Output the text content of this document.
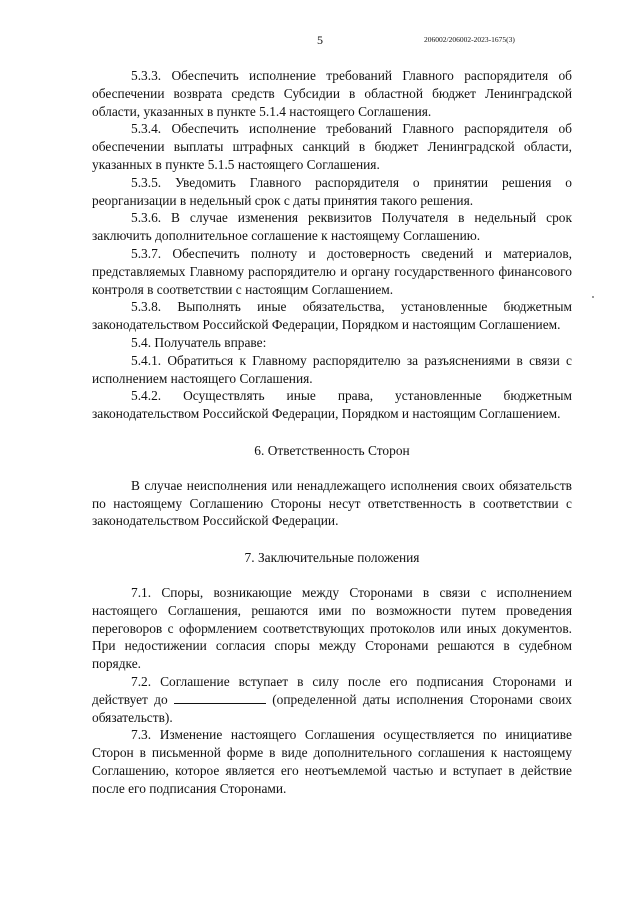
5	206002/206002-2023-1675(3)

5.3.3. Обеспечить исполнение требований Главного распорядителя об обеспечении возврата средств Субсидии в областной бюджет Ленинградской области, указанных в пункте 5.1.4 настоящего Соглашения.

5.3.4. Обеспечить исполнение требований Главного распорядителя об обеспечении выплаты штрафных санкций в бюджет Ленинградской области, указанных в пункте 5.1.5 настоящего Соглашения.

5.3.5. Уведомить Главного распорядителя о принятии решения о реорганизации в недельный срок с даты принятия такого решения.

5.3.6. В случае изменения реквизитов Получателя в недельный срок заключить дополнительное соглашение к настоящему Соглашению.

5.3.7. Обеспечить полноту и достоверность сведений и материалов, представляемых Главному распорядителю и органу государственного финансового контроля в соответствии с настоящим Соглашением.

5.3.8. Выполнять иные обязательства, установленные бюджетным законодательством Российской Федерации, Порядком и настоящим Соглашением.

5.4. Получатель вправе:

5.4.1. Обратиться к Главному распорядителю за разъяснениями в связи с исполнением настоящего Соглашения.

5.4.2. Осуществлять иные права, установленные бюджетным законодательством Российской Федерации, Порядком и настоящим Соглашением.

6. Ответственность Сторон

В случае неисполнения или ненадлежащего исполнения своих обязательств по настоящему Соглашению Стороны несут ответственность в соответствии с законодательством Российской Федерации.

7. Заключительные положения

7.1. Споры, возникающие между Сторонами в связи с исполнением настоящего Соглашения, решаются ими по возможности путем проведения переговоров с оформлением соответствующих протоколов или иных документов. При недостижении согласия споры между Сторонами решаются в судебном порядке.

7.2. Соглашение вступает в силу после его подписания Сторонами и действует до	(определенной даты исполнения Сторонами своих обязательств).

7.3. Изменение настоящего Соглашения осуществляется по инициативе Сторон в письменной форме в виде дополнительного соглашения к настоящему Соглашению, которое является его неотъемлемой частью и вступает в действие после его подписания Сторонами.
